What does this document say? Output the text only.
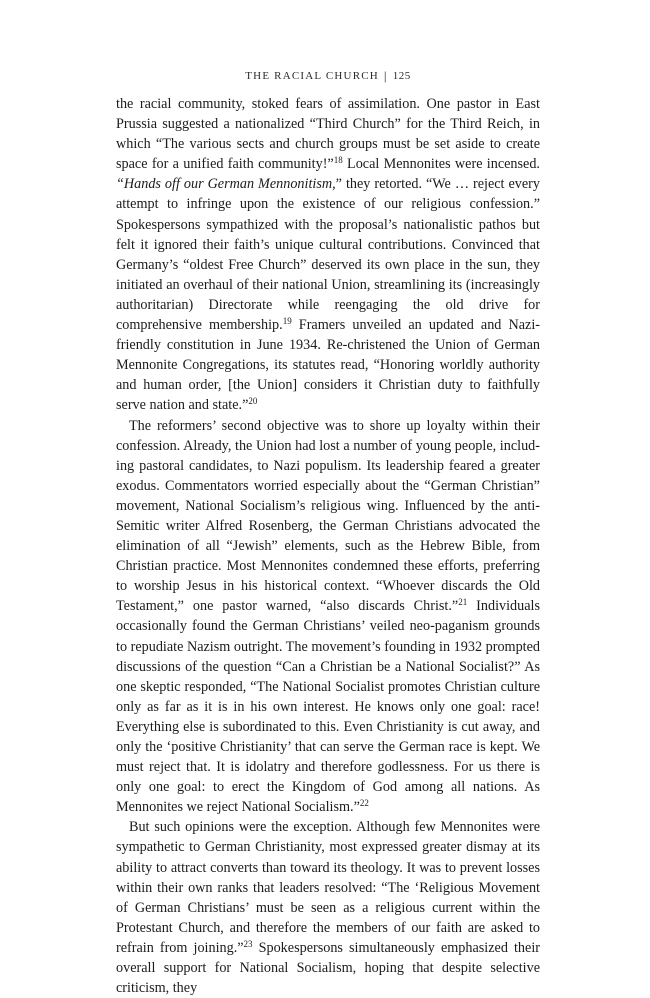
THE RACIAL CHURCH | 125

the racial community, stoked fears of assimilation. One pastor in East Prussia suggested a nationalized “Third Church” for the Third Reich, in which “The various sects and church groups must be set aside to create space for a unified faith community!”$^{18}$ Local Mennonites were incensed. “Hands off our German Mennonitism,” they retorted. “We … reject every attempt to infringe upon the existence of our religious confession.” Spokespersons sympathized with the proposal’s nationalistic pathos but felt it ignored their faith’s unique cultural contributions. Convinced that Germany’s “oldest Free Church” deserved its own place in the sun, they initiated an overhaul of their national Union, streamlining its (increasingly authoritarian) Directorate while reengaging the old drive for comprehensive membership.$^{19}$ Framers unveiled an updated and Nazi-friendly constitution in June 1934. Re-christened the Union of German Mennonite Congregations, its statutes read, “Honoring worldly authority and human order, [the Union] considers it Christian duty to faithfully serve nation and state.”$^{20}$

The reformers’ second objective was to shore up loyalty within their confession. Already, the Union had lost a number of young people, including pastoral candidates, to Nazi populism. Its leadership feared a greater exodus. Commentators worried especially about the “German Christian” movement, National Socialism’s religious wing. Influenced by the anti-Semitic writer Alfred Rosenberg, the German Christians advocated the elimination of all “Jewish” elements, such as the Hebrew Bible, from Christian practice. Most Mennonites condemned these efforts, preferring to worship Jesus in his historical context. “Whoever discards the Old Testament,” one pastor warned, “also discards Christ.”$^{21}$ Individuals occasionally found the German Christians’ veiled neo-paganism grounds to repudiate Nazism outright. The movement’s founding in 1932 prompted discussions of the question “Can a Christian be a National Socialist?” As one skeptic responded, “The National Socialist promotes Christian culture only as far as it is in his own interest. He knows only one goal: race! Everything else is subordinated to this. Even Christianity is cut away, and only the ‘positive Christianity’ that can serve the German race is kept. We must reject that. It is idolatry and therefore godlessness. For us there is only one goal: to erect the Kingdom of God among all nations. As Mennonites we reject National Socialism.”$^{22}$

But such opinions were the exception. Although few Mennonites were sympathetic to German Christianity, most expressed greater dismay at its ability to attract converts than toward its theology. It was to prevent losses within their own ranks that leaders resolved: “The ‘Religious Movement of German Christians’ must be seen as a religious current within the Protestant Church, and therefore the members of our faith are asked to refrain from joining.”$^{23}$ Spokespersons simultaneously emphasized their overall support for National Socialism, hoping that despite selective criticism, they
